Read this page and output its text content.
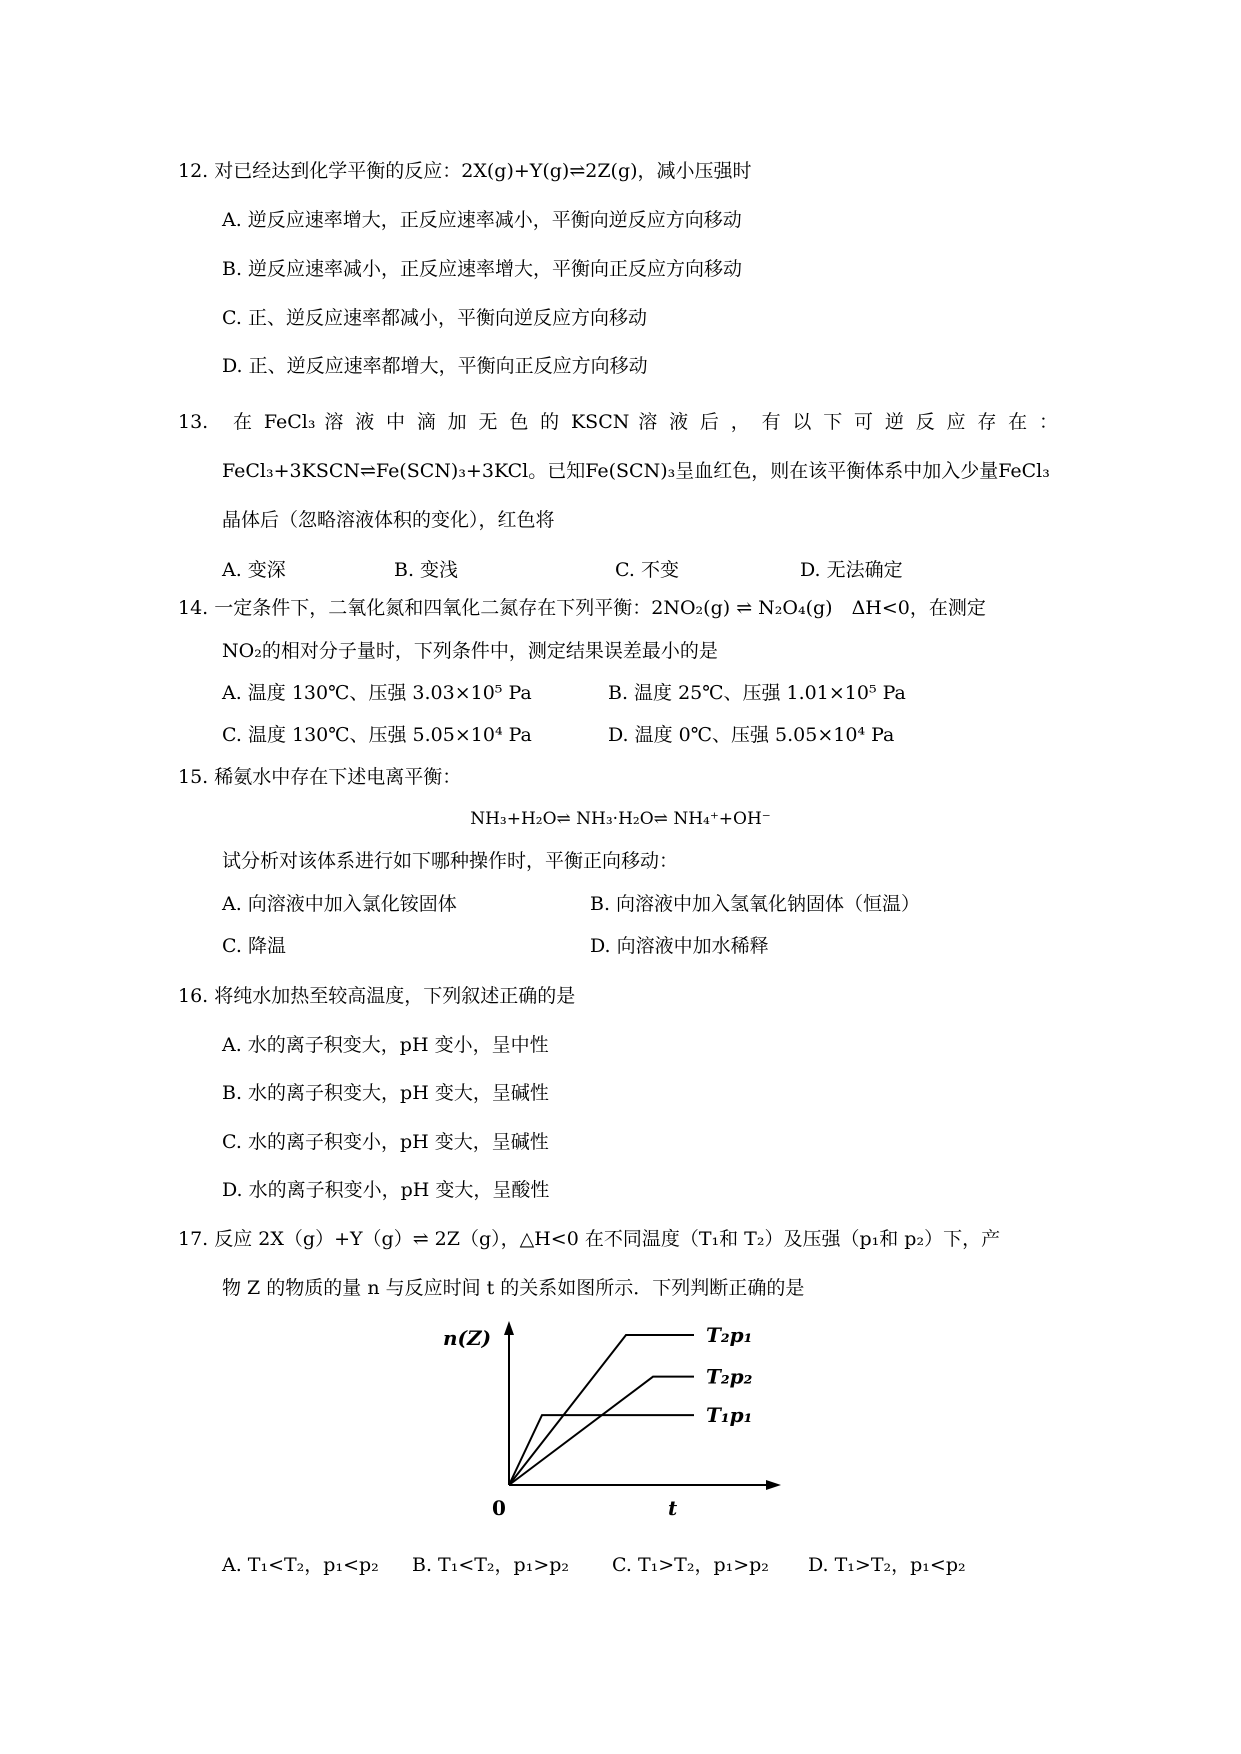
12. 对已经达到化学平衡的反应：2X(g)+Y(g)⇌2Z(g)，减小压强时
A. 逆反应速率增大，正反应速率减小，平衡向逆反应方向移动
B. 逆反应速率减小，正反应速率增大，平衡向正反应方向移动
C. 正、逆反应速率都减小，平衡向逆反应方向移动
D. 正、逆反应速率都增大，平衡向正反应方向移动
13.　 在 FeCl₃ 溶 液 中 滴 加 无 色 的 KSCN 溶 液 后 ， 有 以 下 可 逆 反 应 存 在 ：
FeCl₃+3KSCN⇌Fe(SCN)₃+3KCl。已知Fe(SCN)₃呈血红色，则在该平衡体系中加入少量FeCl₃
晶体后（忽略溶液体积的变化），红色将
A. 变深	B. 变浅	C. 不变	D. 无法确定
14. 一定条件下，二氧化氮和四氧化二氮存在下列平衡：2NO₂(g) ⇌ N₂O₄(g)　ΔH<0，在测定
NO₂的相对分子量时，下列条件中，测定结果误差最小的是
A. 温度 130℃、压强 3.03×10⁵ Pa	B. 温度 25℃、压强 1.01×10⁵ Pa
C. 温度 130℃、压强 5.05×10⁴ Pa	D. 温度 0℃、压强 5.05×10⁴ Pa
15. 稀氨水中存在下述电离平衡：
NH₃+H₂O⇌ NH₃·H₂O⇌ NH₄⁺+OH⁻
试分析对该体系进行如下哪种操作时，平衡正向移动：
A. 向溶液中加入氯化铵固体	B. 向溶液中加入氢氧化钠固体（恒温）
C. 降温	D. 向溶液中加水稀释
16. 将纯水加热至较高温度，下列叙述正确的是
A. 水的离子积变大，pH 变小，呈中性
B. 水的离子积变大，pH 变大，呈碱性
C. 水的离子积变小，pH 变大，呈碱性
D. 水的离子积变小，pH 变大，呈酸性
17. 反应 2X（g）+Y（g）⇌ 2Z（g），△H<0 在不同温度（T₁和 T₂）及压强（p₁和 p₂）下，产
物 Z 的物质的量 n 与反应时间 t 的关系如图所示．下列判断正确的是
n(Z)
t
0
T₂p₁
T₂p₂
T₁p₁
A. T₁<T₂，p₁<p₂ B. T₁<T₂，p₁>p₂ C. T₁>T₂，p₁>p₂ D. T₁>T₂，p₁<p₂
